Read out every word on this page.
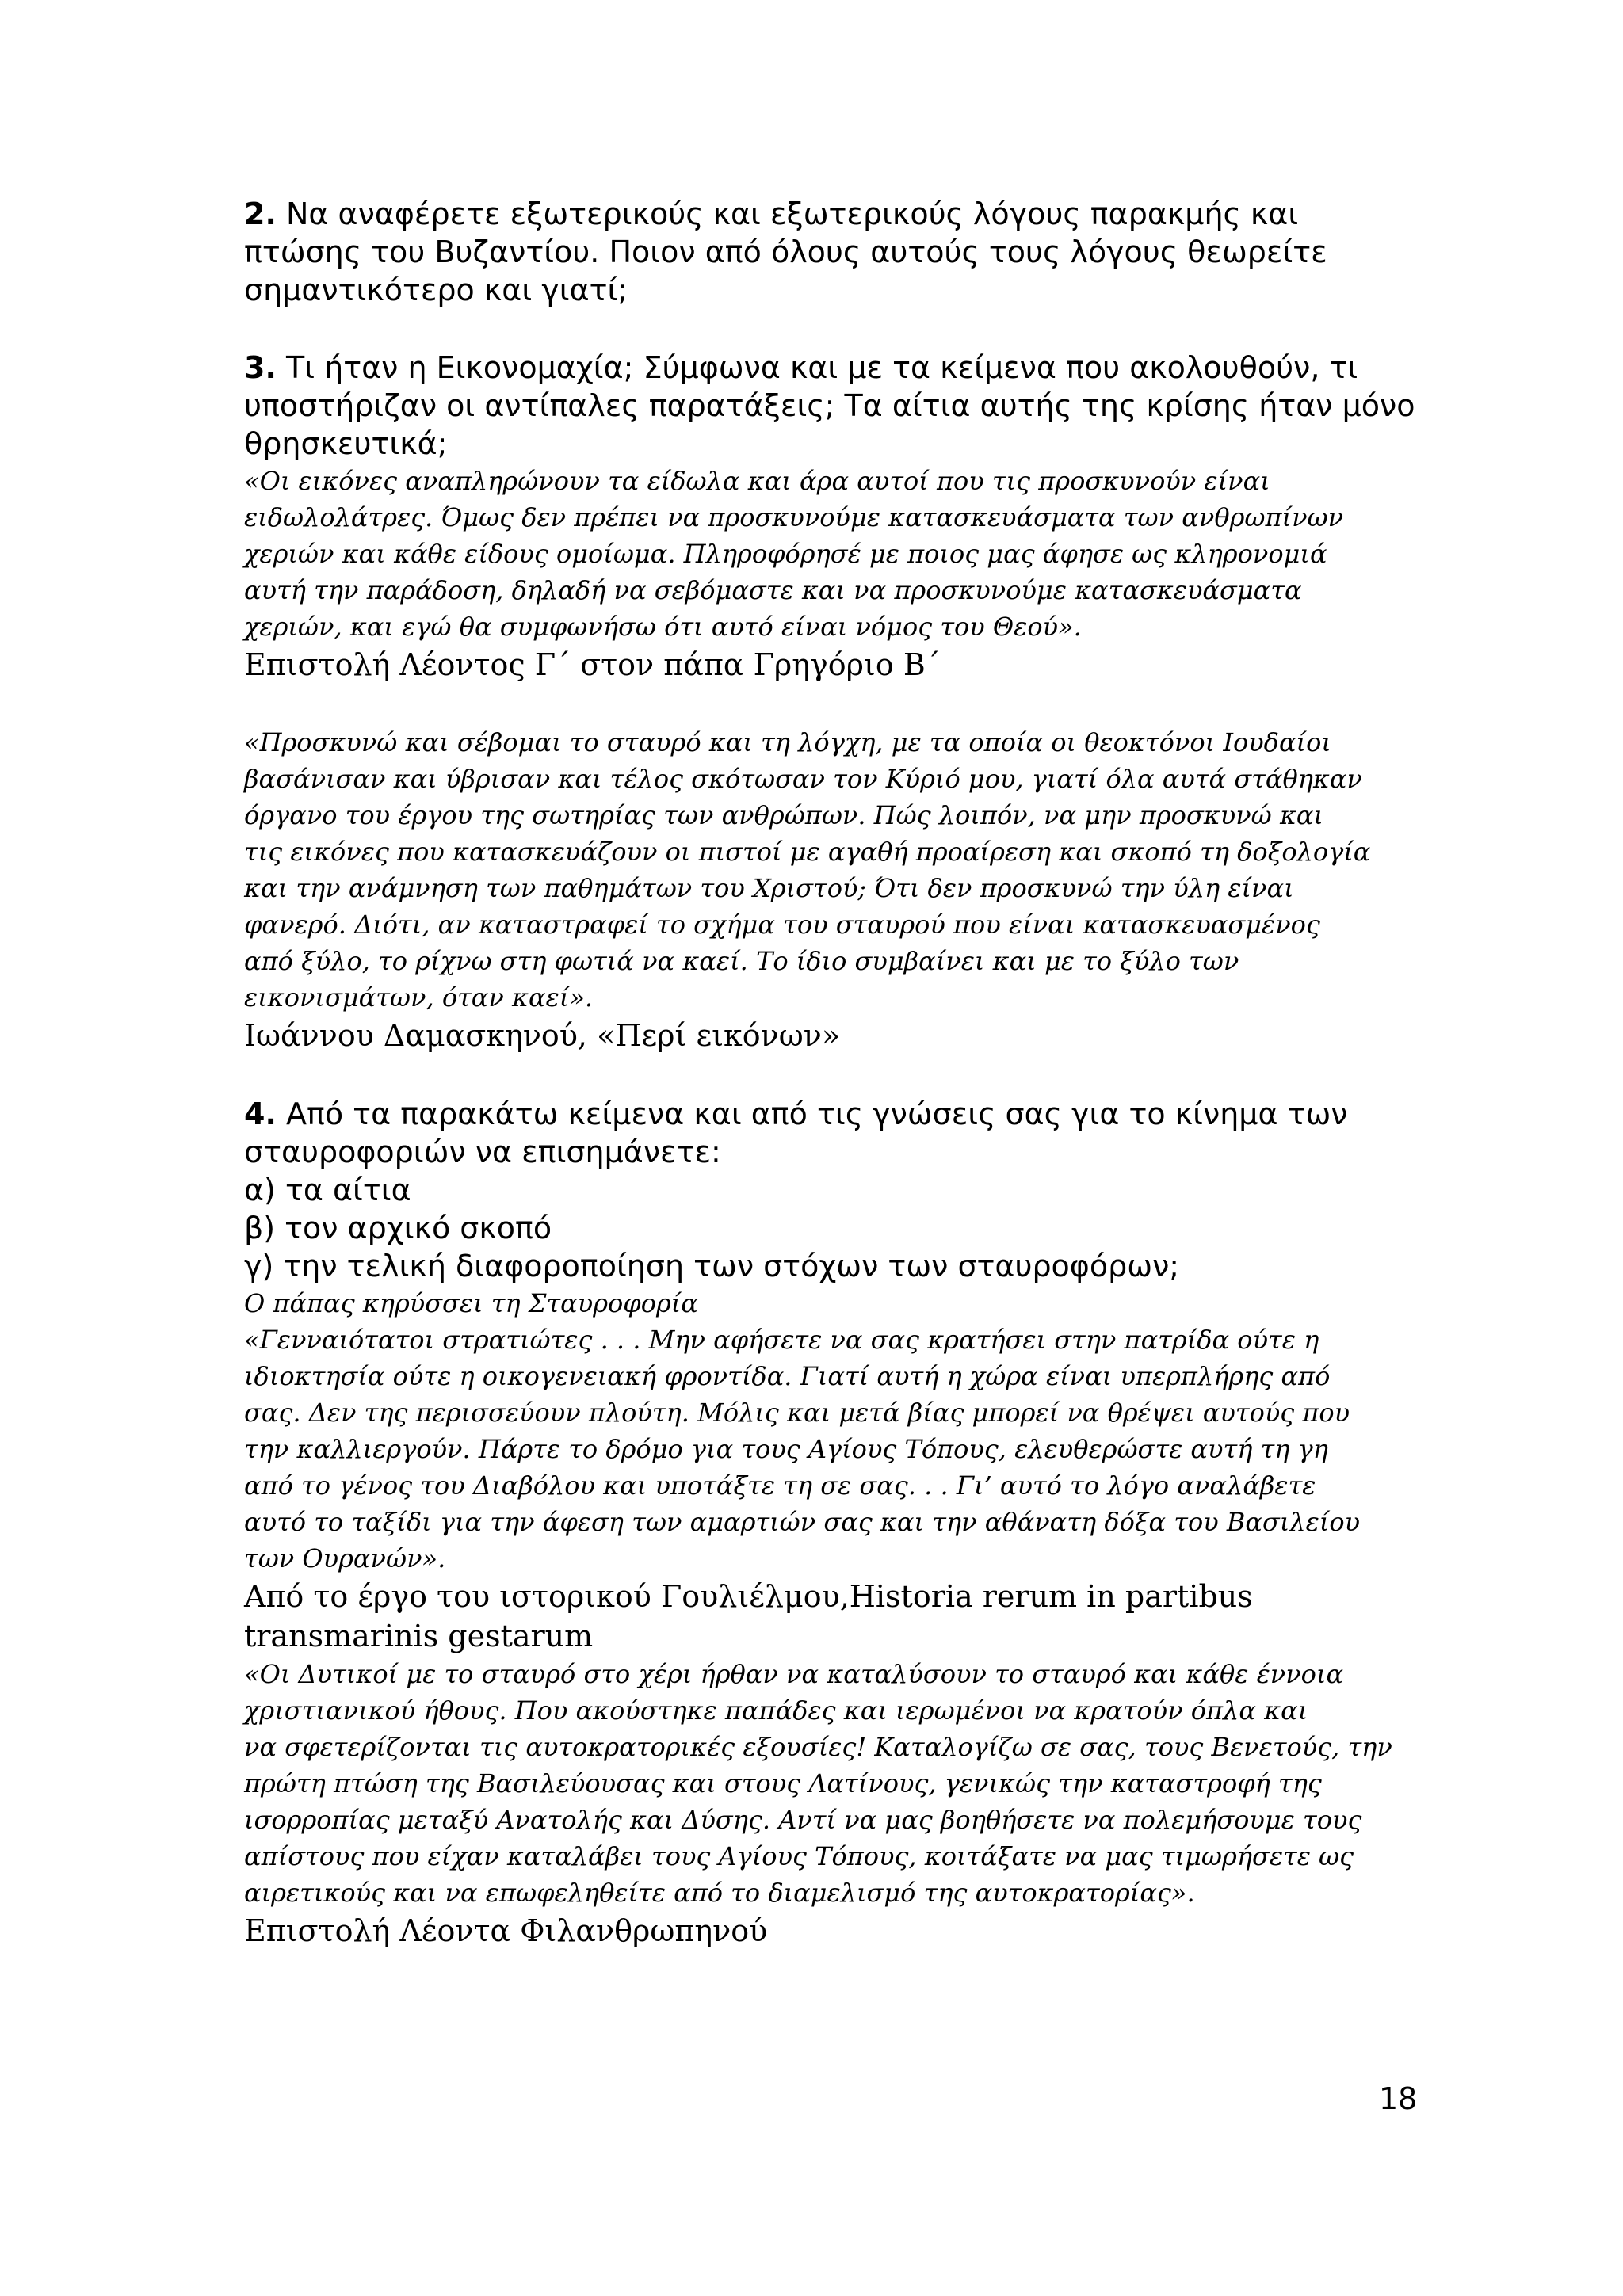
2. Να αναφέρετε εξωτερικούς και εξωτερικούς λόγους παρακμής και
πτώσης του Βυζαντίου. Ποιον από όλους αυτούς τους λόγους θεωρείτε
σημαντικότερο και γιατί;
3. Τι ήταν η Εικονομαχία; Σύμφωνα και με τα κείμενα που ακολουθούν, τι
υποστήριζαν οι αντίπαλες παρατάξεις; Τα αίτια αυτής της κρίσης ήταν μόνο
θρησκευτικά;
«Οι εικόνες αναπληρώνουν τα είδωλα και άρα αυτοί που τις προσκυνούν είναι
ειδωλολάτρες. Όμως δεν πρέπει να προσκυνούμε κατασκευάσματα των ανθρωπίνων
χεριών και κάθε είδους ομοίωμα. Πληροφόρησέ με ποιος μας άφησε ως κληρονομιά
αυτή την παράδοση, δηλαδή να σεβόμαστε και να προσκυνούμε κατασκευάσματα
χεριών, και εγώ θα συμφωνήσω ότι αυτό είναι νόμος του Θεού».

Επιστολή Λέοντος Γ΄ στον πάπα Γρηγόριο Β΄

«Προσκυνώ και σέβομαι το σταυρό και τη λόγχη, με τα οποία οι θεοκτόνοι Ιουδαίοι
βασάνισαν και ύβρισαν και τέλος σκότωσαν τον Κύριό μου, γιατί όλα αυτά στάθηκαν
όργανο του έργου της σωτηρίας των ανθρώπων. Πώς λοιπόν, να μην προσκυνώ και
τις εικόνες που κατασκευάζουν οι πιστοί με αγαθή προαίρεση και σκοπό τη δοξολογία
και την ανάμνηση των παθημάτων του Χριστού; Ότι δεν προσκυνώ την ύλη είναι
φανερό. Διότι, αν καταστραφεί το σχήμα του σταυρού που είναι κατασκευασμένος
από ξύλο, το ρίχνω στη φωτιά να καεί. Το ίδιο συμβαίνει και με το ξύλο των
εικονισμάτων, όταν καεί».

Ιωάννου Δαμασκηνού, «Περί εικόνων»

4. Από τα παρακάτω κείμενα και από τις γνώσεις σας για το κίνημα των
σταυροφοριών να επισημάνετε:
α) τα αίτια
β) τον αρχικό σκοπό
γ) την τελική διαφοροποίηση των στόχων των σταυροφόρων;
Ο πάπας κηρύσσει τη Σταυροφορία
«Γενναιότατοι στρατιώτες . . . Μην αφήσετε να σας κρατήσει στην πατρίδα ούτε η
ιδιοκτησία ούτε η οικογενειακή φροντίδα. Γιατί αυτή η χώρα είναι υπερπλήρης από
σας. Δεν της περισσεύουν πλούτη. Μόλις και μετά βίας μπορεί να θρέψει αυτούς που
την καλλιεργούν. Πάρτε το δρόμο για τους Αγίους Τόπους, ελευθερώστε αυτή τη γη
από το γένος του Διαβόλου και υποτάξτε τη σε σας. . . Γι’ αυτό το λόγο αναλάβετε
αυτό το ταξίδι για την άφεση των αμαρτιών σας και την αθάνατη δόξα του Βασιλείου
των Ουρανών».
Από το έργο του ιστορικού Γουλιέλμου,Historia rerum in partibus
transmarinis gestarum
«Οι Δυτικοί με το σταυρό στο χέρι ήρθαν να καταλύσουν το σταυρό και κάθε έννοια
χριστιανικού ήθους. Που ακούστηκε παπάδες και ιερωμένοι να κρατούν όπλα και
να σφετερίζονται τις αυτοκρατορικές εξουσίες! Καταλογίζω σε σας, τους Βενετούς, την
πρώτη πτώση της Βασιλεύουσας και στους Λατίνους, γενικώς την καταστροφή της
ισορροπίας μεταξύ Ανατολής και Δύσης. Αντί να μας βοηθήσετε να πολεμήσουμε τους
απίστους που είχαν καταλάβει τους Αγίους Τόπους, κοιτάξατε να μας τιμωρήσετε ως
αιρετικούς και να επωφεληθείτε από το διαμελισμό της αυτοκρατορίας».

Επιστολή Λέοντα Φιλανθρωπηνού

18
